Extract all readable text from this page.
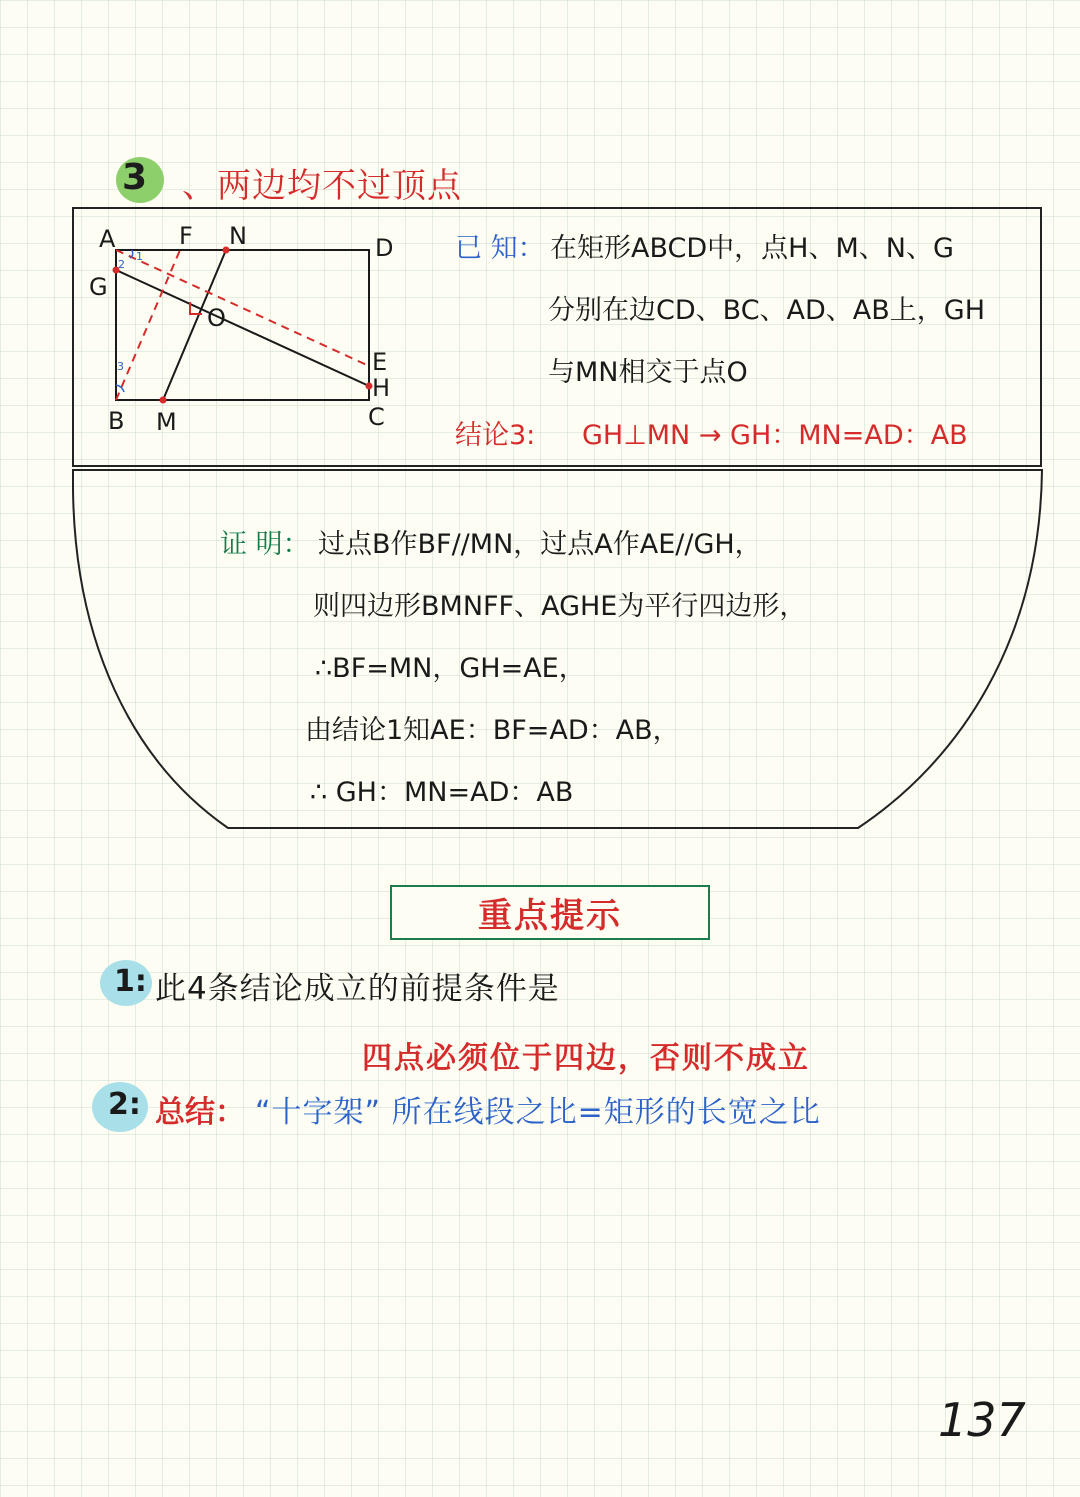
3 、两边均不过顶点
1
2
3
A	F N	D
G
O
E
H
B M	C
已 知： 在矩形ABCD中，点H、M、N、G
分别在边CD、BC、AD、AB上，GH
与MN相交于点O
结论3: GH⊥MN → GH：MN=AD：AB
证 明： 过点B作BF//MN，过点A作AE//GH，
则四边形BMNFF、AGHE为平行四边形，
∴BF=MN，GH=AE，
由结论1知AE：BF=AD：AB，
∴ GH：MN=AD：AB
重点提示
1: 此4条结论成立的前提条件是
四点必须位于四边，否则不成立
2: 总结： “十字架” 所在线段之比=矩形的长宽之比
137
